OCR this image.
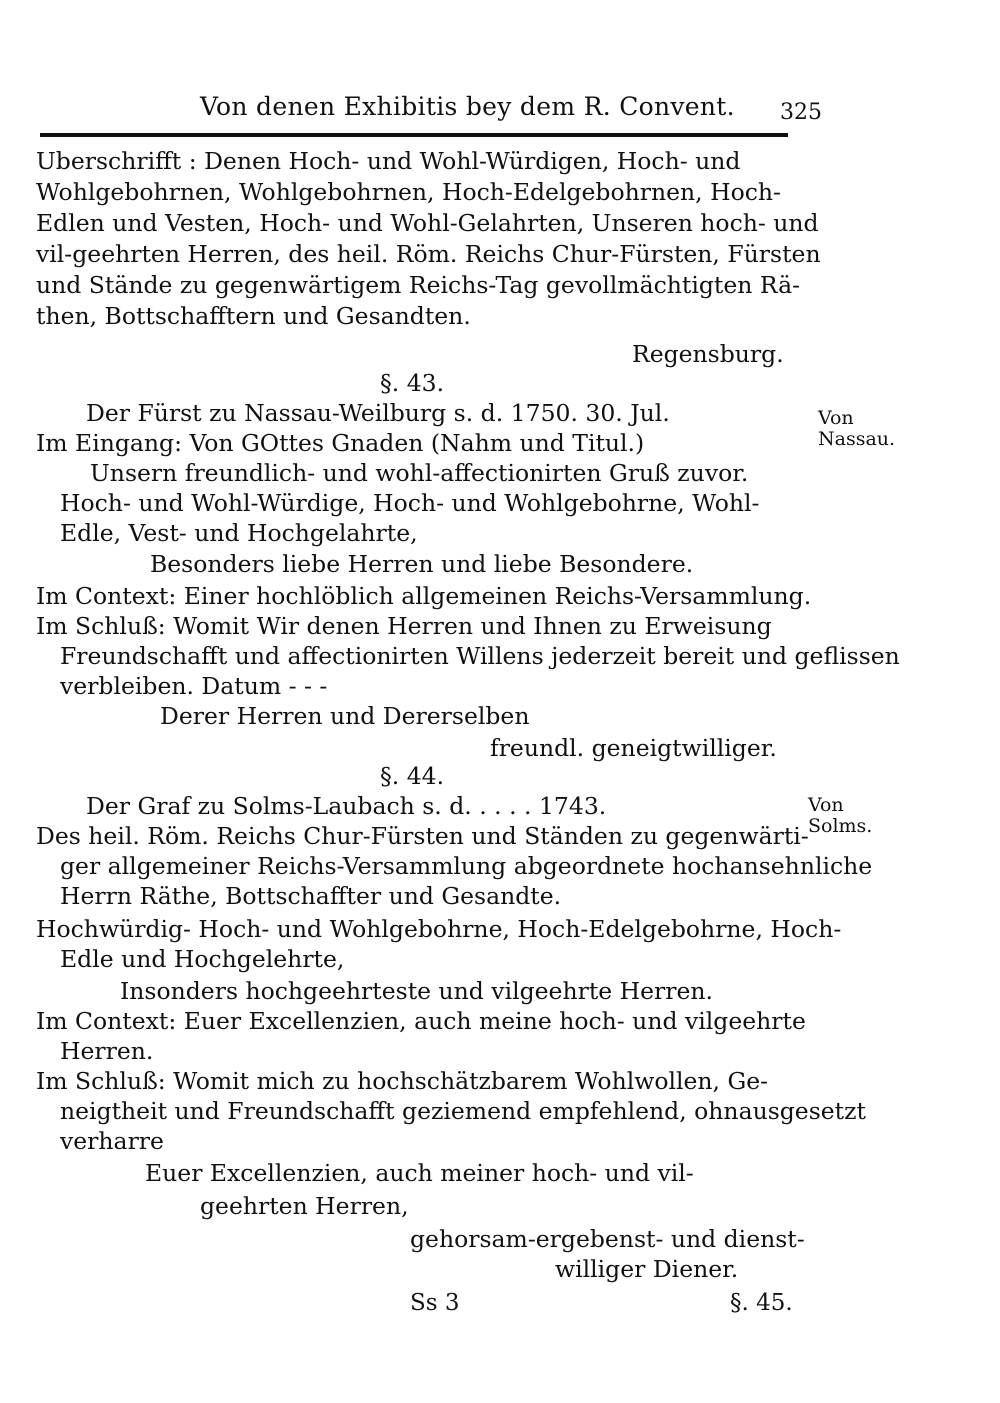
Von denen Exhibitis bey dem R. Convent. 325
Uberschrifft : Denen Hoch- und Wohl-Würdigen, Hoch- und
Wohlgebohrnen, Wohlgebohrnen, Hoch-Edelgebohrnen, Hoch-
Edlen und Vesten, Hoch- und Wohl-Gelahrten, Unseren hoch- und
vil-geehrten Herren, des heil. Röm. Reichs Chur-Fürsten, Fürsten
und Stände zu gegenwärtigem Reichs-Tag gevollmächtigten Rä-
then, Bottschafftern und Gesandten.
Regensburg.
§. 43.
Der Fürst zu Nassau-Weilburg s. d. 1750. 30. Jul.
Im Eingang: Von GOttes Gnaden (Nahm und Titul.)
Unsern freundlich- und wohl-affectionirten Gruß zuvor.
Hoch- und Wohl-Würdige, Hoch- und Wohlgebohrne, Wohl-
Edle, Vest- und Hochgelahrte,
Besonders liebe Herren und liebe Besondere.
Im Context: Einer hochlöblich allgemeinen Reichs-Versammlung.
Im Schluß: Womit Wir denen Herren und Ihnen zu Erweisung
Freundschafft und affectionirten Willens jederzeit bereit und geflissen
verbleiben. Datum - - -
Derer Herren und Dererselben
freundl. geneigtwilliger.
§. 44.
Der Graf zu Solms-Laubach s. d. . . . . 1743.
Des heil. Röm. Reichs Chur-Fürsten und Ständen zu gegenwärti-
ger allgemeiner Reichs-Versammlung abgeordnete hochansehnliche
Herrn Räthe, Bottschaffter und Gesandte.
Hochwürdig- Hoch- und Wohlgebohrne, Hoch-Edelgebohrne, Hoch-
Edle und Hochgelehrte,
Insonders hochgeehrteste und vilgeehrte Herren.
Im Context: Euer Excellenzien, auch meine hoch- und vilgeehrte
Herren.
Im Schluß: Womit mich zu hochschätzbarem Wohlwollen, Ge-
neigtheit und Freundschafft geziemend empfehlend, ohnausgesetzt
verharre
Euer Excellenzien, auch meiner hoch- und vil-
geehrten Herren,
gehorsam-ergebenst- und dienst-
williger Diener.
Von Nassau.
Von Solms.
Ss 3	§. 45.
